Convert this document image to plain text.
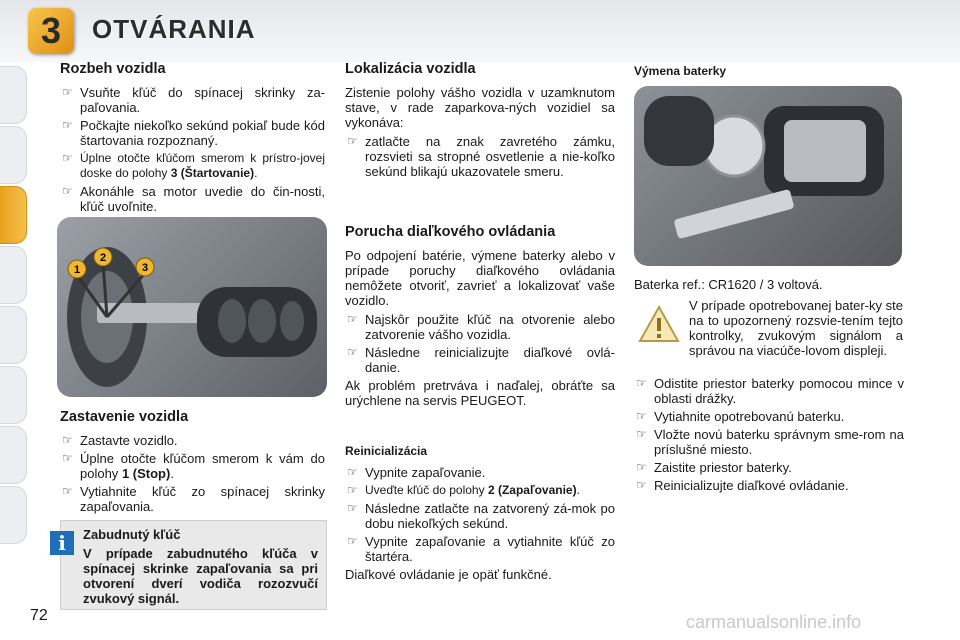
3	OTVÁRANIA
Rozbeh vozidla
☞ Vsuňte kľúč do spínacej skrinky za-paľovania.
☞ Počkajte niekoľko sekúnd pokiaľ bude kód štartovania rozpoznaný.
☞ Úplne otočte kľúčom smerom k prístro-jovej doske do polohy 3 (Štartovanie).
☞ Akonáhle sa motor uvedie do čin-nosti, kľúč uvoľnite.
1
2
3
Zastavenie vozidla
☞ Zastavte vozidlo.
☞ Úplne otočte kľúčom smerom k vám do polohy 1 (Stop).
☞ Vytiahnite kľúč zo spínacej skrinky zapaľovania.
Zabudnutý kľúč
V prípade zabudnutého kľúča v spínacej skrinke zapaľovania sa pri otvorení dverí vodiča rozozvučí zvukový signál.
i
Lokalizácia vozidla

Zistenie polohy vášho vozidla v uzamknutom stave, v rade zaparkova-ných vozidiel sa vykonáva:

☞ zatlačte na znak zavretého zámku, rozsvieti sa stropné osvetlenie a nie-koľko sekúnd blikajú ukazovatele smeru.
Porucha diaľkového ovládania

Po odpojení batérie, výmene baterky alebo v prípade poruchy diaľkového ovládania nemôžete otvoriť, zavrieť a lokalizovať vaše vozidlo.

☞ Najskôr použite kľúč na otvorenie alebo zatvorenie vášho vozidla.
☞ Následne reinicializujte diaľkové ovlá-danie.

Ak problém pretrváva i naďalej, obráťte sa urýchlene na servis PEUGEOT.

Reinicializácia
☞ Vypnite zapaľovanie.
☞ Uveďte kľúč do polohy 2 (Zapaľovanie).
☞ Následne zatlačte na zatvorený zá-mok po dobu niekoľkých sekúnd.
☞ Vypnite zapaľovanie a vytiahnite kľúč zo štartéra.

Diaľkové ovládanie je opäť funkčné.

Výmena baterky

Baterka ref.: CR1620 / 3 voltová.

V prípade opotrebovanej bater-ky ste na to upozornený rozsvie-tením tejto kontrolky, zvukovým signálom a správou na viacúče-lovom displeji.

☞ Odistite priestor baterky pomocou mince v oblasti drážky.
☞ Vytiahnite opotrebovanú baterku.
☞ Vložte novú baterku správnym sme-rom na príslušné miesto.
☞ Zaistite priestor baterky.
☞ Reinicializujte diaľkové ovládanie.
72	carmanualsonline.info
